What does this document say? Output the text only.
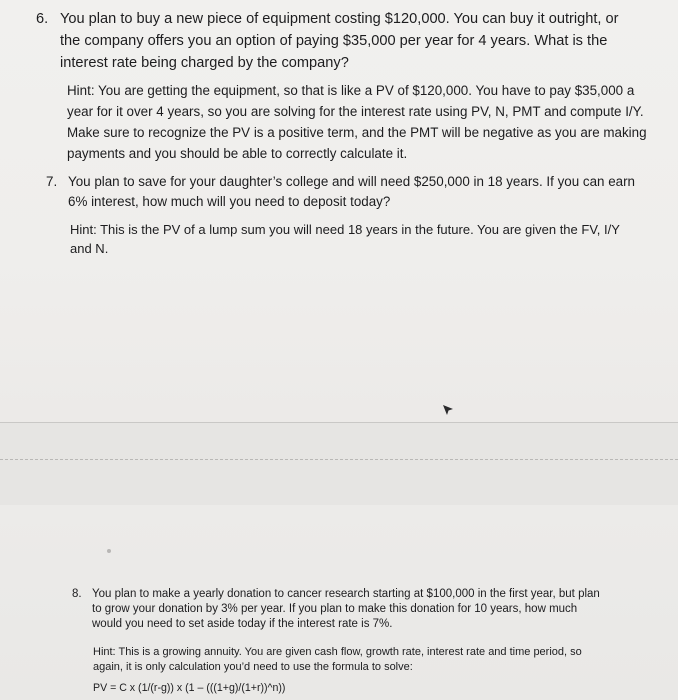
6. You plan to buy a new piece of equipment costing $120,000. You can buy it outright, or the company offers you an option of paying $35,000 per year for 4 years. What is the interest rate being charged by the company?

Hint: You are getting the equipment, so that is like a PV of $120,000. You have to pay $35,000 a year for it over 4 years, so you are solving for the interest rate using PV, N, PMT and compute I/Y. Make sure to recognize the PV is a positive term, and the PMT will be negative as you are making payments and you should be able to correctly calculate it.

7. You plan to save for your daughter’s college and will need $250,000 in 18 years. If you can earn 6% interest, how much will you need to deposit today?

Hint: This is the PV of a lump sum you will need 18 years in the future. You are given the FV, I/Y and N.

8. You plan to make a yearly donation to cancer research starting at $100,000 in the first year, but plan to grow your donation by 3% per year. If you plan to make this donation for 10 years, how much would you need to set aside today if the interest rate is 7%.

Hint: This is a growing annuity. You are given cash flow, growth rate, interest rate and time period, so again, it is only calculation you’d need to use the formula to solve:

PV = C x (1/(r-g)) x (1 – (((1+g)/(1+r))^n))
